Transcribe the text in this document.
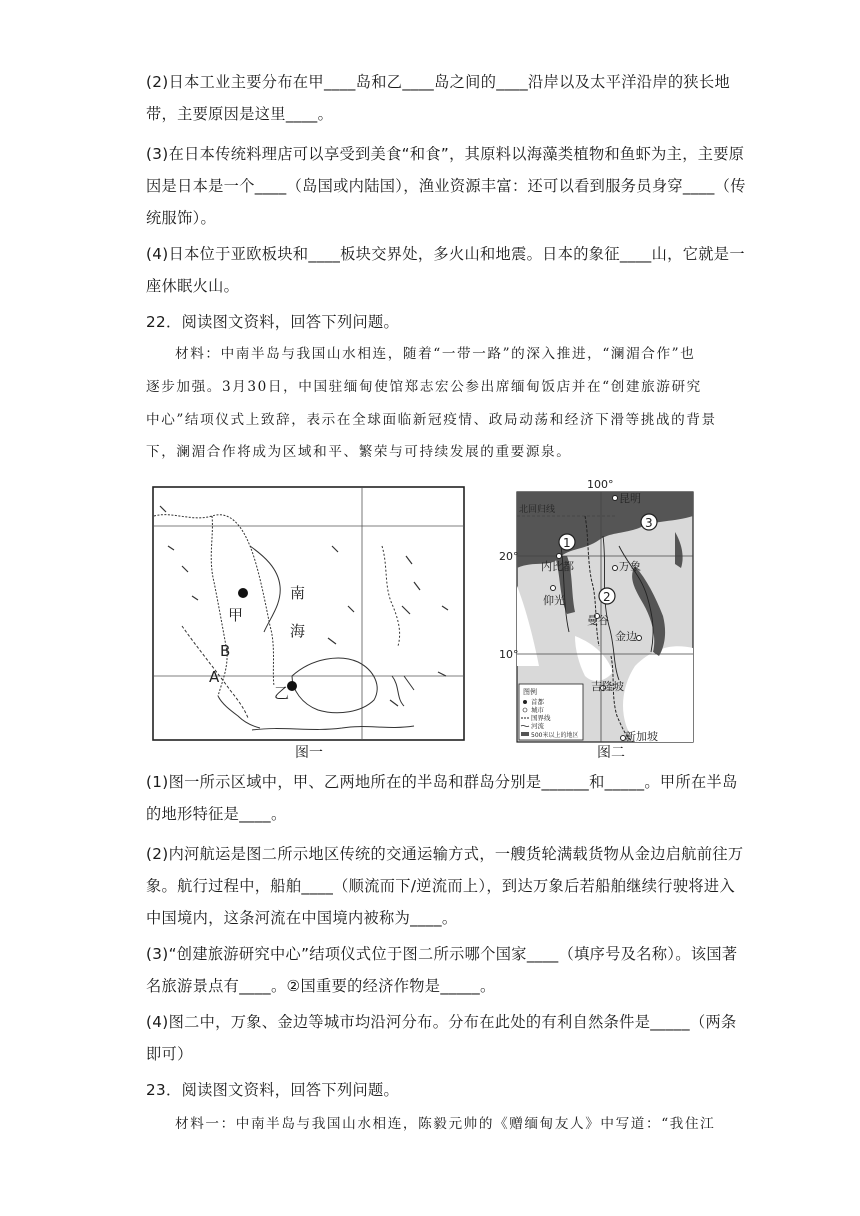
(2)日本工业主要分布在甲____岛和乙____岛之间的____沿岸以及太平洋沿岸的狭长地
带，主要原因是这里____。
(3)在日本传统料理店可以享受到美食“和食”，其原料以海藻类植物和鱼虾为主，主要原
因是日本是一个____（岛国或内陆国），渔业资源丰富：还可以看到服务员身穿____（传
统服饰）。
(4)日本位于亚欧板块和____板块交界处，多火山和地震。日本的象征____山，它就是一
座休眠火山。
22．阅读图文资料，回答下列问题。
材料：中南半岛与我国山水相连，随着“一带一路”的深入推进，“澜湄合作”也
逐步加强。3月30日，中国驻缅甸使馆郑志宏公参出席缅甸饭店并在“创建旅游研究
中心”结项仪式上致辞，表示在全球面临新冠疫情、政局动荡和经济下滑等挑战的背景
下，澜湄合作将成为区域和平、繁荣与可持续发展的重要源泉。
甲
南
海
B
A
乙
图一
1
2
3
100°
昆明
北回归线
20°
内比都	万象
仰光
曼谷
金边
10°
吉隆坡
新加坡
图例
首都
城市
国界线
河流
500米以上的地区
图二
(1)图一所示区域中，甲、乙两地所在的半岛和群岛分别是______和_____。甲所在半岛
的地形特征是____。
(2)内河航运是图二所示地区传统的交通运输方式，一艘货轮满载货物从金边启航前往万
象。航行过程中，船舶____（顺流而下/逆流而上），到达万象后若船舶继续行驶将进入
中国境内，这条河流在中国境内被称为____。
(3)“创建旅游研究中心”结项仪式位于图二所示哪个国家____（填序号及名称）。该国著
名旅游景点有____。②国重要的经济作物是_____。
(4)图二中，万象、金边等城市均沿河分布。分布在此处的有利自然条件是_____（两条
即可）
23．阅读图文资料，回答下列问题。
材料一：中南半岛与我国山水相连，陈毅元帅的《赠缅甸友人》中写道：“我住江
